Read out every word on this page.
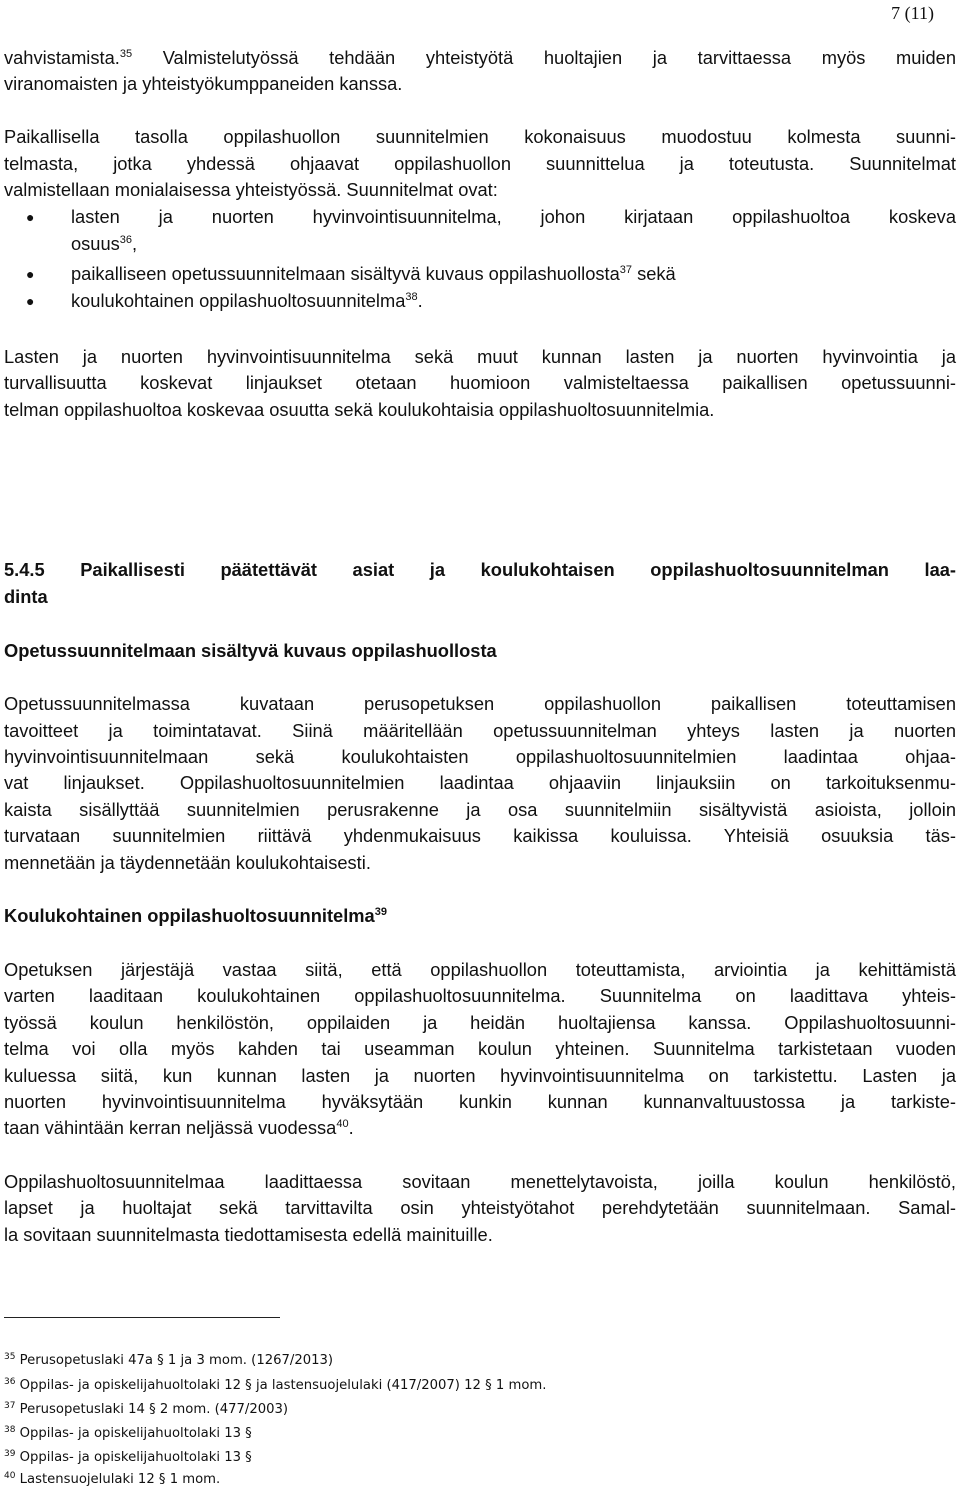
7 (11)
vahvistamista.$^{35}$ Valmistelutyössä tehdään yhteistyötä huoltajien ja tarvittaessa myös muiden
viranomaisten ja yhteistyökumppaneiden kanssa.
Paikallisella tasolla oppilashuollon suunnitelmien kokonaisuus muodostuu kolmesta suunni-
telmasta, jotka yhdessä ohjaavat oppilashuollon suunnittelua ja toteutusta. Suunnitelmat
valmistellaan monialaisessa yhteistyössä. Suunnitelmat ovat:
● lasten ja nuorten hyvinvointisuunnitelma, johon kirjataan oppilashuoltoa koskeva
osuus$^{36}$,
● paikalliseen opetussuunnitelmaan sisältyvä kuvaus oppilashuollosta$^{37}$ sekä
● koulukohtainen oppilashuoltosuunnitelma$^{38}$.
Lasten ja nuorten hyvinvointisuunnitelma sekä muut kunnan lasten ja nuorten hyvinvointia ja
turvallisuutta koskevat linjaukset otetaan huomioon valmisteltaessa paikallisen opetussuunni-
telman oppilashuoltoa koskevaa osuutta sekä koulukohtaisia oppilashuoltosuunnitelmia.
5.4.5 Paikallisesti päätettävät asiat ja koulukohtaisen oppilashuoltosuunnitelman laa-
dinta
Opetussuunnitelmaan sisältyvä kuvaus oppilashuollosta
Opetussuunnitelmassa kuvataan perusopetuksen oppilashuollon paikallisen toteuttamisen
tavoitteet ja toimintatavat. Siinä määritellään opetussuunnitelman yhteys lasten ja nuorten
hyvinvointisuunnitelmaan sekä koulukohtaisten oppilashuoltosuunnitelmien laadintaa ohjaa-
vat linjaukset. Oppilashuoltosuunnitelmien laadintaa ohjaaviin linjauksiin on tarkoituksenmu-
kaista sisällyttää suunnitelmien perusrakenne ja osa suunnitelmiin sisältyvistä asioista, jolloin
turvataan suunnitelmien riittävä yhdenmukaisuus kaikissa kouluissa. Yhteisiä osuuksia täs-
mennetään ja täydennetään koulukohtaisesti.
Koulukohtainen oppilashuoltosuunnitelma$^{39}$
Opetuksen järjestäjä vastaa siitä, että oppilashuollon toteuttamista, arviointia ja kehittämistä
varten laaditaan koulukohtainen oppilashuoltosuunnitelma. Suunnitelma on laadittava yhteis-
työssä koulun henkilöstön, oppilaiden ja heidän huoltajiensa kanssa. Oppilashuoltosuunni-
telma voi olla myös kahden tai useamman koulun yhteinen. Suunnitelma tarkistetaan vuoden
kuluessa siitä, kun kunnan lasten ja nuorten hyvinvointisuunnitelma on tarkistettu. Lasten ja
nuorten hyvinvointisuunnitelma hyväksytään kunkin kunnan kunnanvaltuustossa ja tarkiste-
taan vähintään kerran neljässä vuodessa$^{40}$.
Oppilashuoltosuunnitelmaa laadittaessa sovitaan menettelytavoista, joilla koulun henkilöstö,
lapset ja huoltajat sekä tarvittavilta osin yhteistyötahot perehdytetään suunnitelmaan. Samal-
la sovitaan suunnitelmasta tiedottamisesta edellä mainituille.
$^{35}$ Perusopetuslaki 47a § 1 ja 3 mom. (1267/2013)
$^{36}$ Oppilas- ja opiskelijahuoltolaki 12 § ja lastensuojelulaki (417/2007) 12 § 1 mom.
$^{37}$ Perusopetuslaki 14 § 2 mom. (477/2003)
$^{38}$ Oppilas- ja opiskelijahuoltolaki 13 §
$^{39}$ Oppilas- ja opiskelijahuoltolaki 13 §
$^{40}$ Lastensuojelulaki 12 § 1 mom.
